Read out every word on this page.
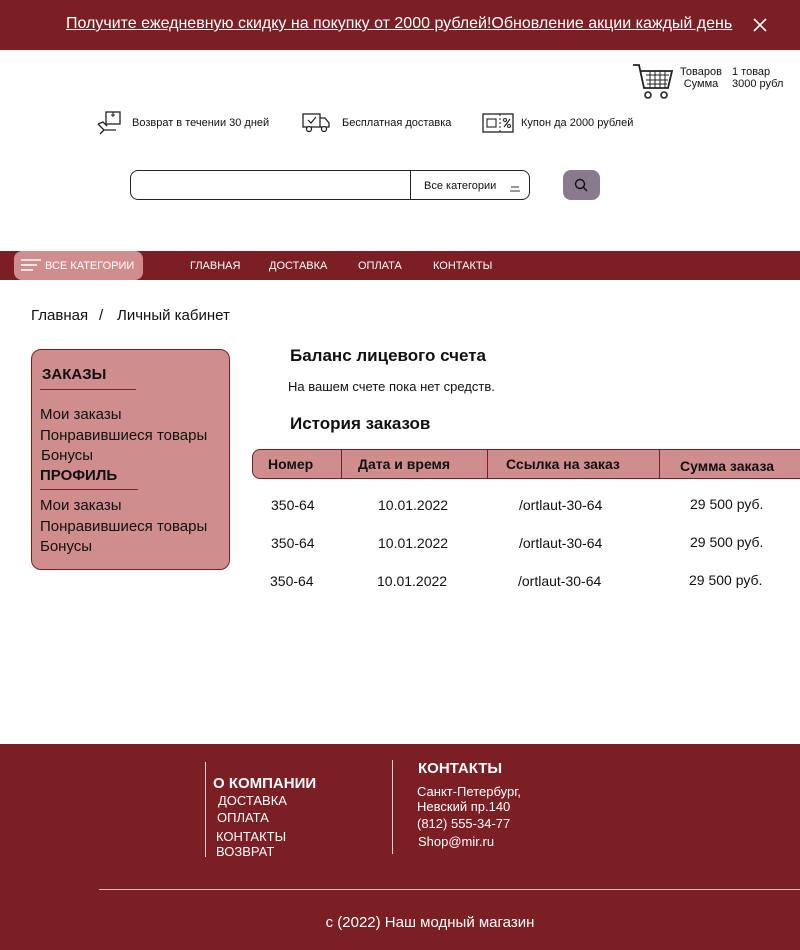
Получите ежедневную скидку на покупку от 2000 рублей!Обновление акции каждый день
Товаров
Сумма
1 товар
3000 рубл
Возврат в течении 30 дней	Бесплатная доставка	Купон да 2000 рублей
Все категории
ВСЕ КАТЕГОРИИ	ГЛАВНАЯ	ДОСТАВКА	ОПЛАТА	КОНТАКТЫ
Главная / Личный кабинет
ЗАКАЗЫ
Мои заказы
Понравившиеся товары
Бонусы
ПРОФИЛЬ
Мои заказы
Понравившиеся товары
Бонусы
Баланс лицевого счета
На вашем счете пока нет средств.
История заказов
Номер	Дата и время	Ссылка на заказ	Сумма заказа
350-64	10.01.2022	/ortlaut-30-64	29 500 руб.
350-64	10.01.2022	/ortlaut-30-64	29 500 руб.
350-64	10.01.2022	/ortlaut-30-64	29 500 руб.
О КОМПАНИИ
ДОСТАВКА
ОПЛАТА
КОНТАКТЫ
ВОЗВРАТ
КОНТАКТЫ
Санкт-Петербург,
Невский пр.140
(812) 555-34-77
Shop@mir.ru
с (2022) Наш модный магазин
